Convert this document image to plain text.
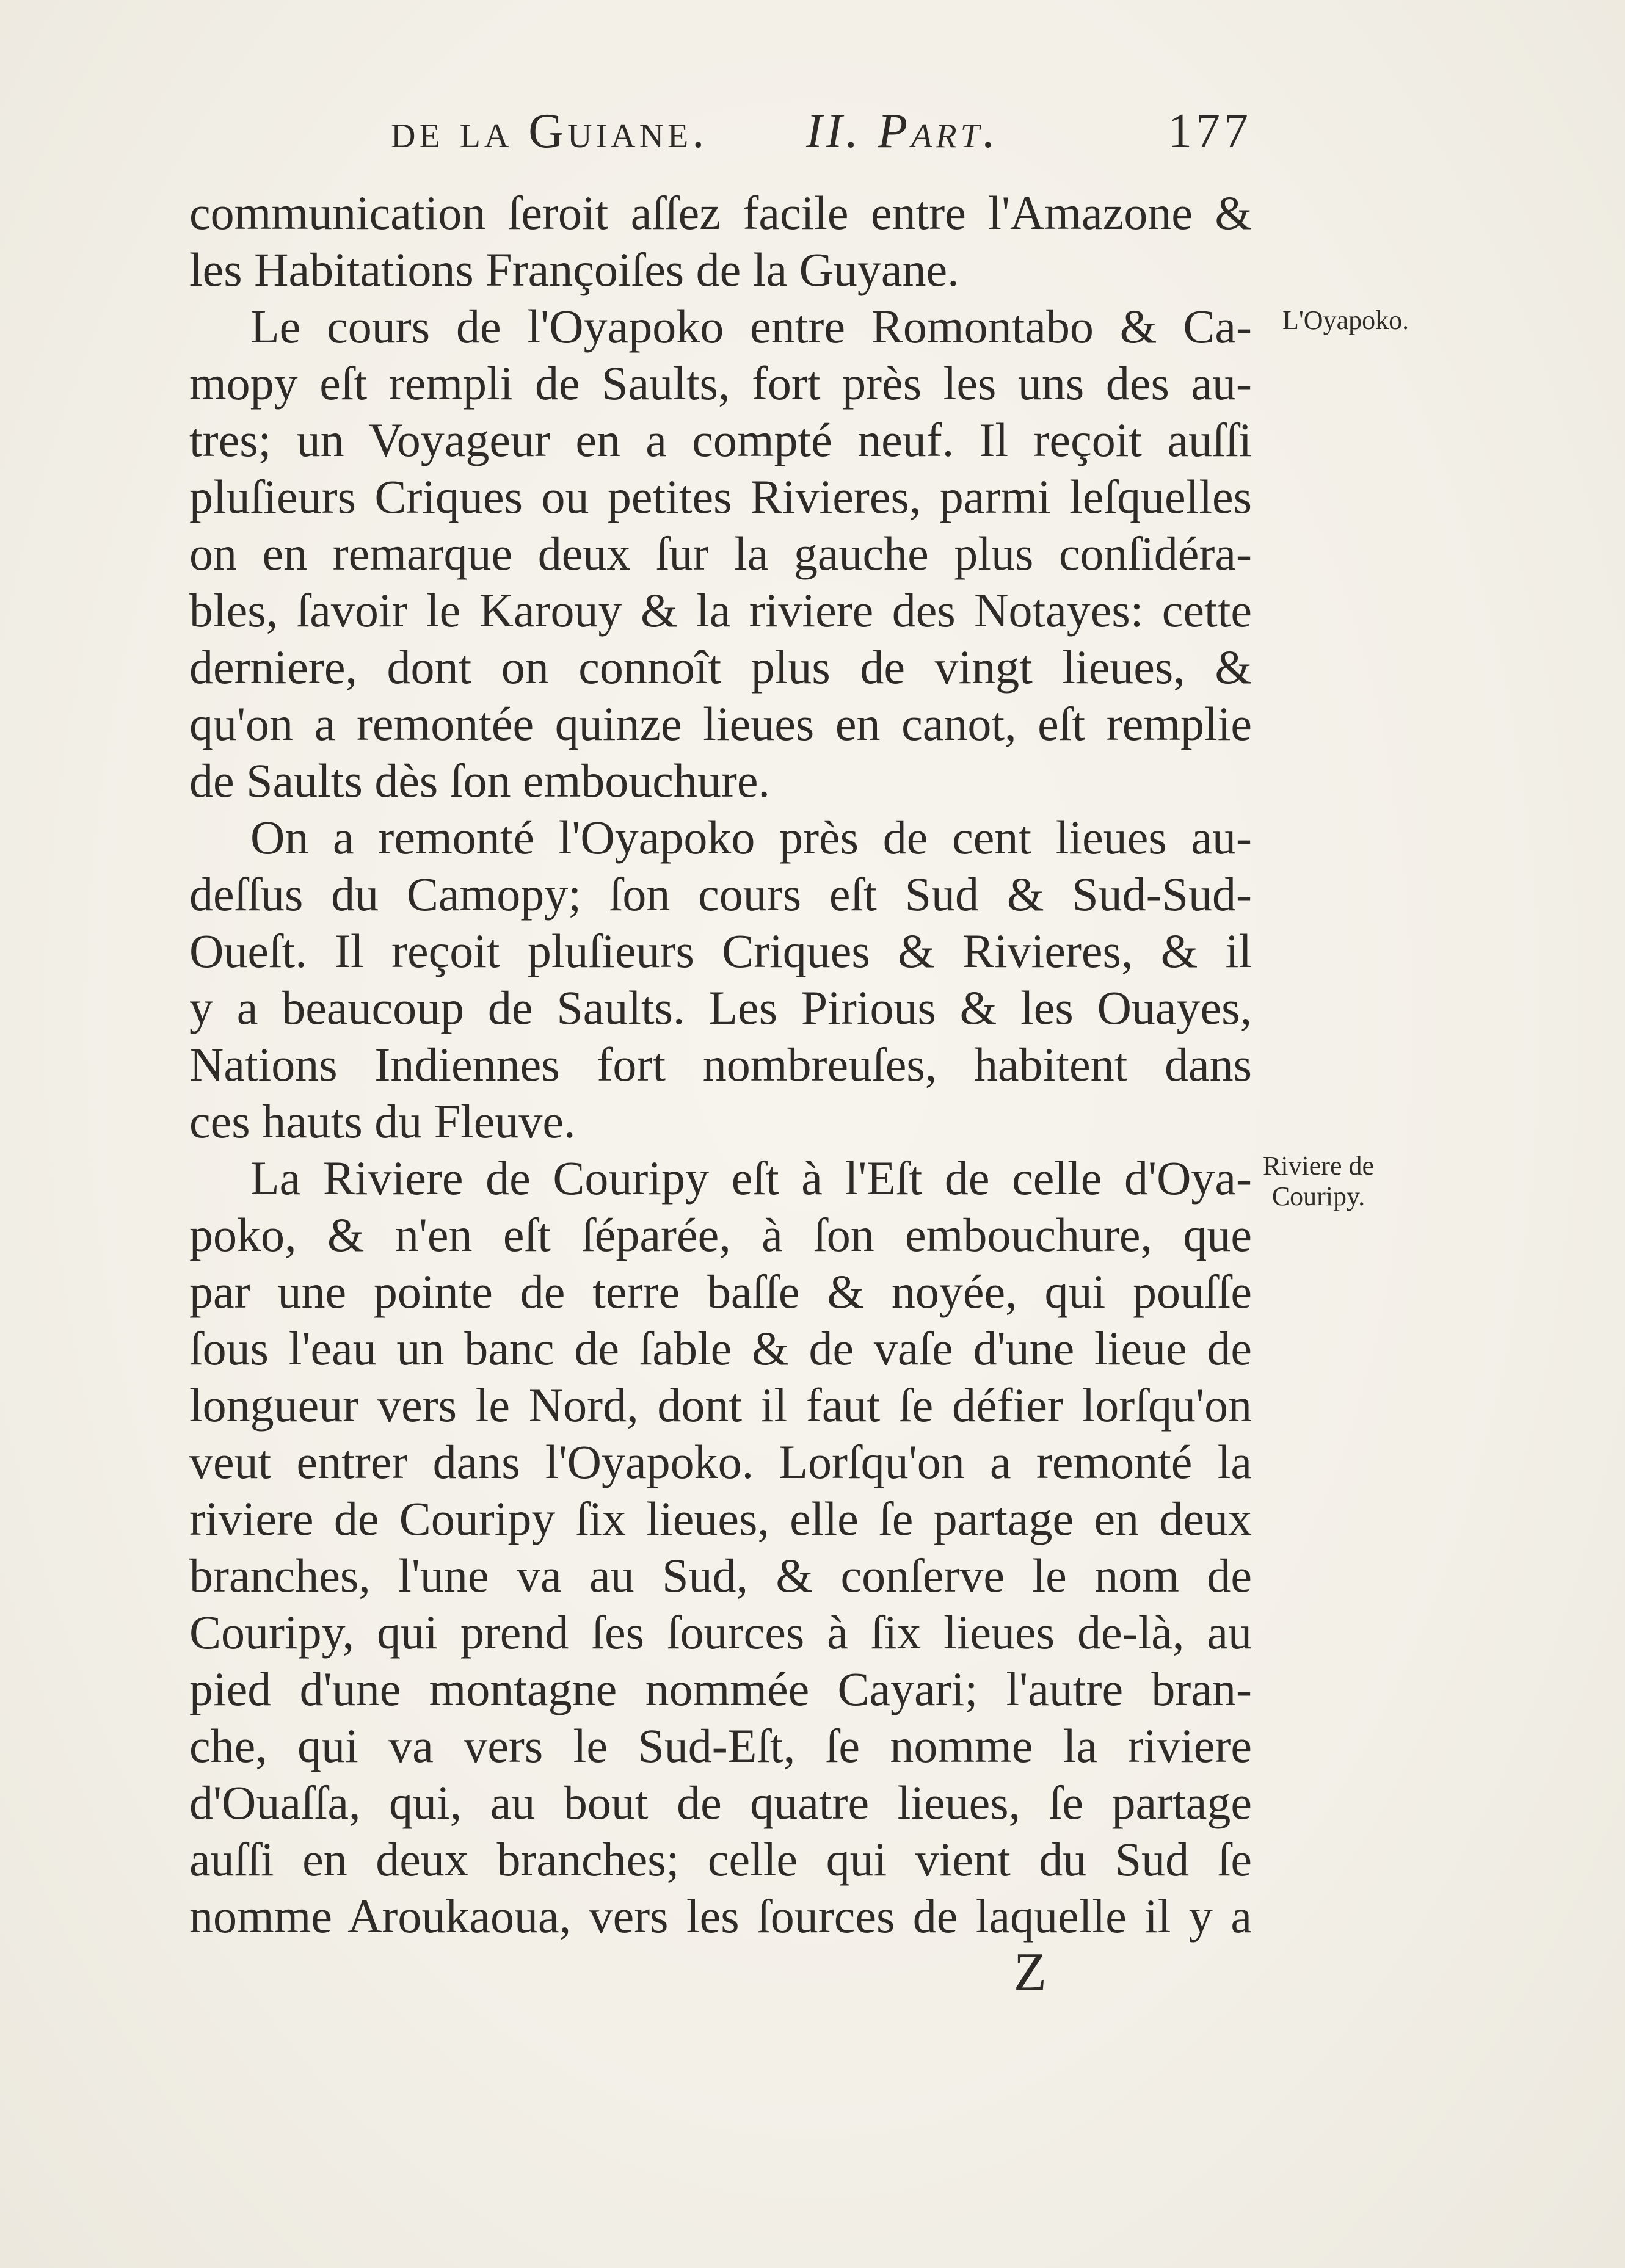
de la Guiane. II. Part.	177
L'Oyapoko.
Riviere de
Couripy.
communication ſeroit aſſez facile entre l'Amazone &
les Habitations Françoiſes de la Guyane.
Le cours de l'Oyapoko entre Romontabo & Ca-
mopy eſt rempli de Saults, fort près les uns des au-
tres; un Voyageur en a compté neuf. Il reçoit auſſi
pluſieurs Criques ou petites Rivieres, parmi leſquelles
on en remarque deux ſur la gauche plus conſidéra-
bles, ſavoir le Karouy & la riviere des Notayes: cette
derniere, dont on connoît plus de vingt lieues, &
qu'on a remontée quinze lieues en canot, eſt remplie
de Saults dès ſon embouchure.
On a remonté l'Oyapoko près de cent lieues au-
deſſus du Camopy; ſon cours eſt Sud & Sud-Sud-
Oueſt. Il reçoit pluſieurs Criques & Rivieres, & il
y a beaucoup de Saults. Les Pirious & les Ouayes,
Nations Indiennes fort nombreuſes, habitent dans
ces hauts du Fleuve.
La Riviere de Couripy eſt à l'Eſt de celle d'Oya-
poko, & n'en eſt ſéparée, à ſon embouchure, que
par une pointe de terre baſſe & noyée, qui pouſſe
ſous l'eau un banc de ſable & de vaſe d'une lieue de
longueur vers le Nord, dont il faut ſe défier lorſqu'on
veut entrer dans l'Oyapoko. Lorſqu'on a remonté la
riviere de Couripy ſix lieues, elle ſe partage en deux
branches, l'une va au Sud, & conſerve le nom de
Couripy, qui prend ſes ſources à ſix lieues de-là, au
pied d'une montagne nommée Cayari; l'autre bran-
che, qui va vers le Sud-Eſt, ſe nomme la riviere
d'Ouaſſa, qui, au bout de quatre lieues, ſe partage
auſſi en deux branches; celle qui vient du Sud ſe
nomme Aroukaoua, vers les ſources de laquelle il y a
Z
